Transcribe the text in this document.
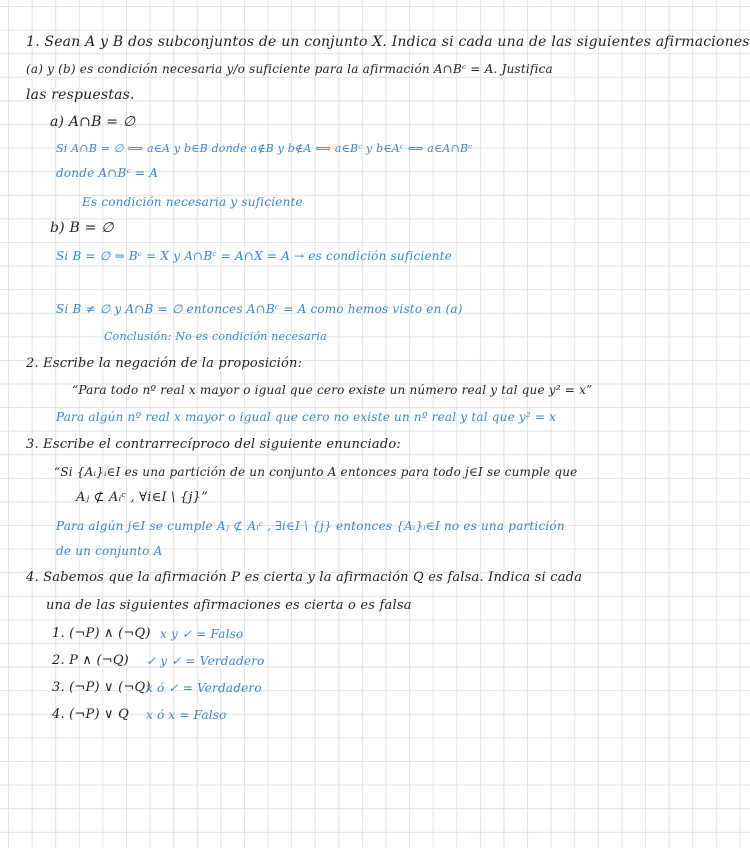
1. Sean A y B dos subconjuntos de un conjunto X. Indica si cada una de las siguientes afirmaciones
(a) y (b) es condición necesaria y/o suficiente para la afirmación A∩Bᶜ = A. Justifica
las respuestas.
a) A∩B = ∅
Si A∩B = ∅ ⟺ a∈A y b∈B donde a∉B y b∉A ⟺ a∈Bᶜ y b∈Aᶜ ⟺ a∈A∩Bᶜ
donde A∩Bᶜ = A
Es condición necesaria y suficiente
b) B = ∅
Si B = ∅ ⇒ Bᶜ = X y A∩Bᶜ = A∩X = A → es condición suficiente
Si B ≠ ∅ y A∩B = ∅ entonces A∩Bᶜ = A como hemos visto en (a)
Conclusión: No es condición necesaria
2. Escribe la negación de la proposición:
“Para todo nº real x mayor o igual que cero existe un número real y tal que y² = x”
Para algún nº real x mayor o igual que cero no existe un nº real y tal que y² = x
3. Escribe el contrarrecíproco del siguiente enunciado:
“Si {Aᵢ}ᵢ∈I es una partición de un conjunto A entonces para todo j∈I se cumple que
Aⱼ ⊄ Aᵢᶜ , ∀i∈I \ {j}”
Para algún j∈I se cumple Aⱼ ⊄ Aᵢᶜ , ∃i∈I \ {j} entonces {Aᵢ}ᵢ∈I no es una partición
de un conjunto A
4. Sabemos que la afirmación P es cierta y la afirmación Q es falsa. Indica si cada
una de las siguientes afirmaciones es cierta o es falsa
1. (¬P) ∧ (¬Q) x y ✓ = Falso
2. P ∧ (¬Q) ✓ y ✓ = Verdadero
3. (¬P) ∨ (¬Q)
x ó ✓ = Verdadero
4. (¬P) ∨ Q x ó x = Falso
